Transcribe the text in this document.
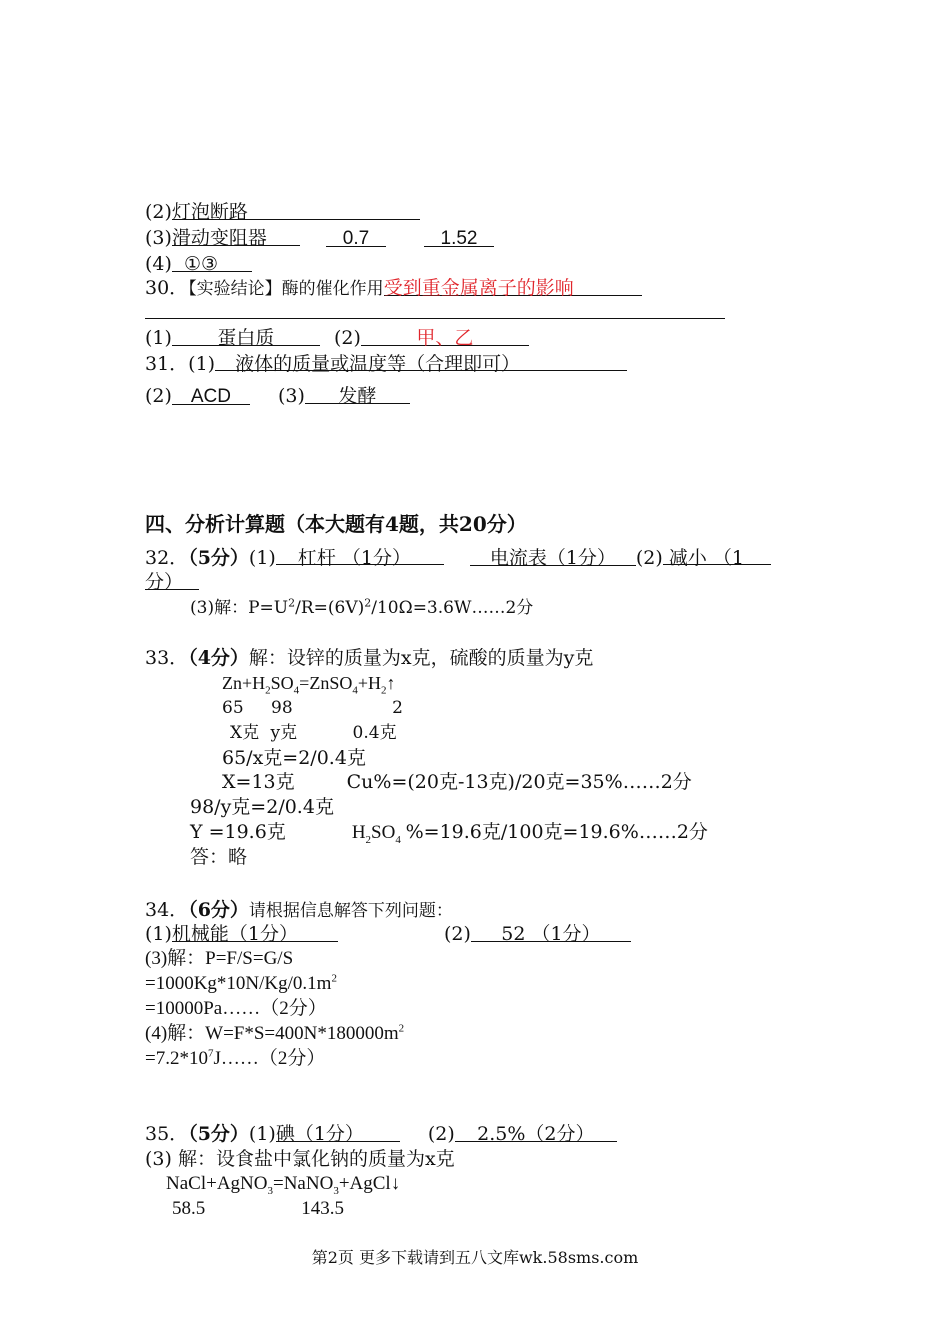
(2)灯泡断路
(3)滑动变阻器	0.7	1.52
(4) ①③
30．【实验结论】酶的催化作用受到重金属离子的影响
(1) 蛋白质	(2)	甲、乙
31．(1) 液体的质量或温度等（合理即可）
(2) ACD (3) 发酵
四、分析计算题（本大题有4题，共20分）
32．（5分）(1) 杠杆 （1分）	电流表（1分） (2) 减小 （1
分）
(3)解：$P=U^2/R=(6V)^2/10\Omega=3.6W\dots\dots 2$分
33．（4分）解：设锌的质量为x克，硫酸的质量为y克
$Zn+H_2SO_4=ZnSO_4+H_2↑$
65 98	2
X克 y克	0.4克
65/x克=2/0.4克
X=13克	Cu%=(20克-13克)/20克=35%……2分
98/y克=2/0.4克
Y =19.6克	$H_2SO_4$ %=19.6克/100克=19.6%……2分
答：略
34．（6分）请根据信息解答下列问题：
(1)机械能（1分）	(2) 52 （1分）
(3)解：P=F/S=G/S
$=1000Kg*10N/Kg/0.1m^2$
=10000Pa……（2分）
(4)解：$W=F*S=400N*180000m^2$
$=7.2*10^7J\dots\dots(2$分）
35．（5分）(1)碘（1分）	(2) 2.5%（2分）
(3) 解：设食盐中氯化钠的质量为x克
NaCl+AgNO$_3$=NaNO$_3$+AgCl↓
58.5	143.5
第2页 更多下载请到五八文库wk.58sms.com
